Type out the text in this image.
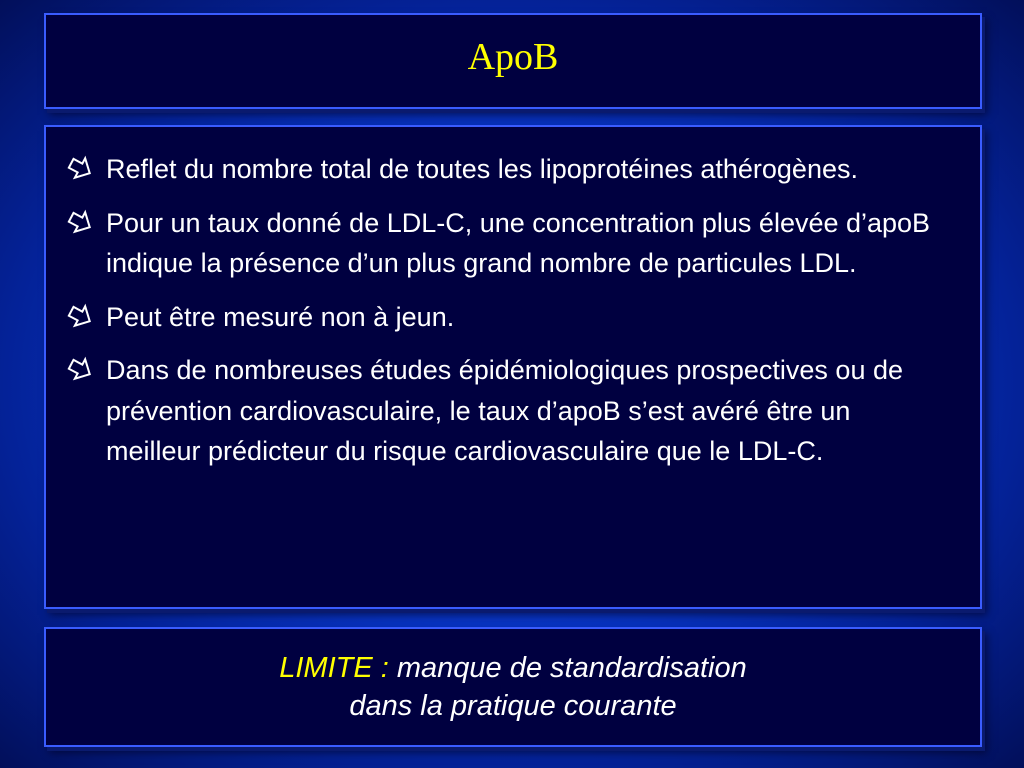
ApoB
Reflet du nombre total de toutes les lipoprotéines athérogènes.
Pour un taux donné de LDL-C, une concentration plus élevée d’apoB indique la présence d’un plus grand nombre de particules LDL.
Peut être mesuré non à jeun.
Dans de nombreuses études épidémiologiques prospectives ou de prévention cardiovasculaire, le taux d’apoB s’est avéré être un meilleur prédicteur du risque cardiovasculaire que le LDL-C.
LIMITE : manque de standardisation
dans la pratique courante
